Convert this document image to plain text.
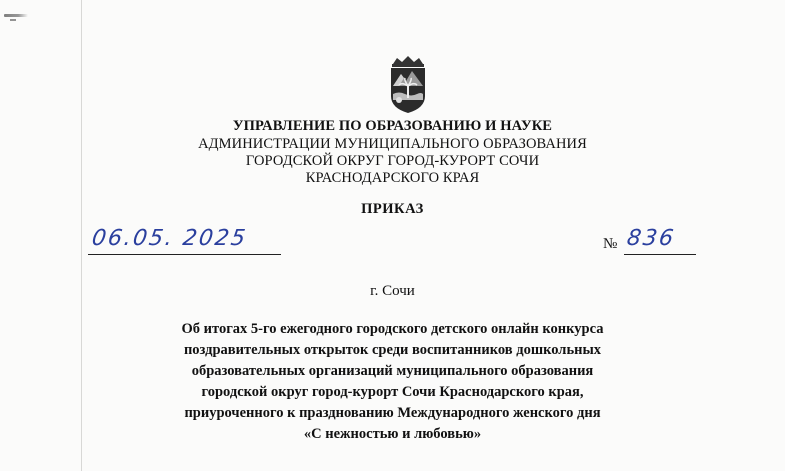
УПРАВЛЕНИЕ ПО ОБРАЗОВАНИЮ И НАУКЕ
АДМИНИСТРАЦИИ МУНИЦИПАЛЬНОГО ОБРАЗОВАНИЯ
ГОРОДСКОЙ ОКРУГ ГОРОД-КУРОРТ СОЧИ
КРАСНОДАРСКОГО КРАЯ
ПРИКАЗ
06.05. 2025	№ 836
г. Сочи
Об итогах 5-го ежегодного городского детского онлайн конкурса
поздравительных открыток среди воспитанников дошкольных
образовательных организаций муниципального образования
городской округ город-курорт Сочи Краснодарского края,
приуроченного к празднованию Международного женского дня
«С нежностью и любовью»
